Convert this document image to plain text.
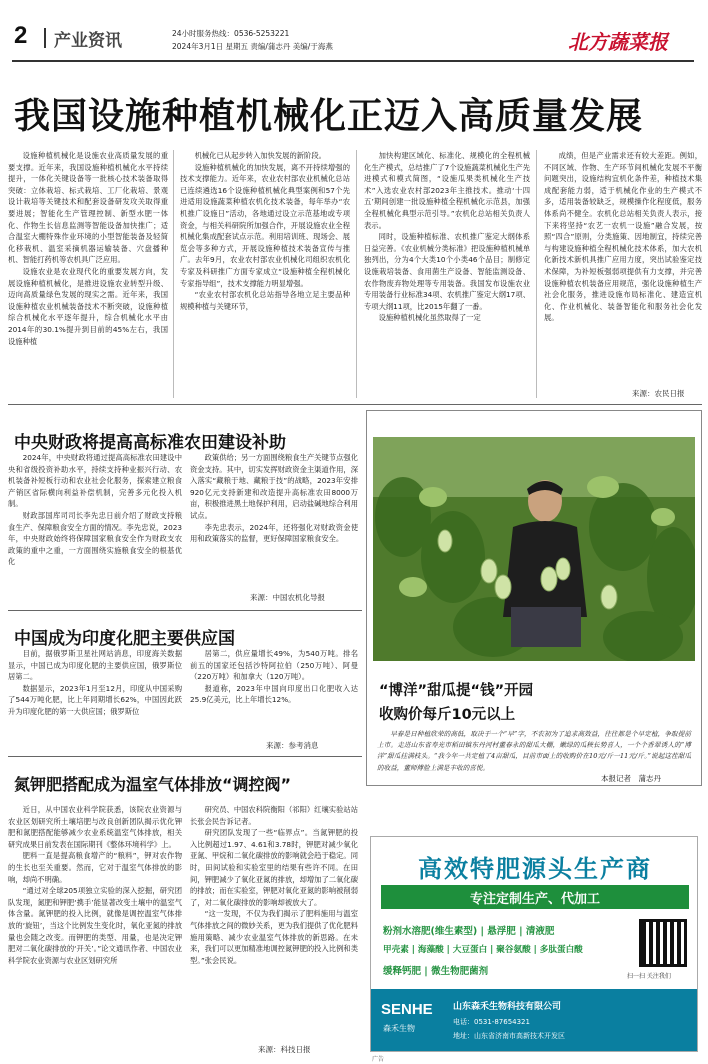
2 产业资讯	24小时服务热线：0536-5253221
2024年3月1日 星期五 责编/蒲志丹 美编/于海燕	北方蔬菜报
我国设施种植机械化正迈入高质量发展

设施种植机械化是设施农业高质量发展的重要支撑。近年来，我国设施种植机械化水平持续提升，一体化关键设备等一批核心技术装备取得突破：立体栽培、标式栽培、工厂化栽培、景观设计栽培等关键技术和配套设备研发攻关取得重要进展；智能化生产管理控制、新型水肥一体化、作物生长信息监测等智能设备加快推广；适合温室大棚特殊作业环境的小型智能装备及轻简化移栽机、温室采摘机器运输装备、穴盘播种机、智能打药机等农机具广泛应用。

设施农业是农业现代化的重要发展方向，发展设施种植机械化，是推进设施农业转型升级、迈向高质量绿色发展的现实之需。近年来，我国设施种植农业机械装备技术不断突破，设施种植综合机械化水平逐年提升，综合机械化水平由2014年的30.1%提升到目前的45%左右，我国设施种植

机械化已从起步转入加快发展的新阶段。

设施种植机械化的加快发展，离不开持续增强的技术支撑能力。近年来，农业农村部农业机械化总站已连续遴选16个设施种植机械化典型案例和57个先进适用设施蔬菜种植农机化技术装备，每年举办“农机推广设施日”活动，各地通过设立示范基地或专项资金，与相关科研院所加强合作，开展设施农业全程机械化集成配套试点示范。利用培训班、现场会、展览会等多种方式，开展设施种植技术装备宣传与推广。去年9月，农业农村部农业机械化司组织农机化专家及科研推广方面专家成立“设施种植全程机械化专家指导组”，技术支撑能力明显增强。

“农业农村部农机化总站指导各地立足主要品种规模种植与关键环节，

加快构建区域化、标准化、规模化的全程机械化生产模式，总结推广了7个设施蔬菜机械化生产先进模式和模式简图，“设施瓜果类机械化生产技术”入选农业农村部2023年主推技术。推动‘十四五’期间创建一批设施种植全程机械化示范县，加强全程机械化典型示范引导。”农机化总站相关负责人表示。

同时，设施种植标准、农机推广鉴定大纲体系日益完善。《农业机械分类标准》把设施种植机械单独列出，分为4个大类10个小类46个品目；制修定设施栽培装备、食用菌生产设备、智能监测设备、农作物废弃物处理等专用装备。我国发布设施农业专用装备行业标准34项、农机推广鉴定大纲17项、专项大纲11项，比2015年翻了一番。

设施种植机械化虽然取得了一定

成绩，但是产业需求还有较大差距。例如，不同区域、作物、生产环节间机械化发展不平衡问题突出，设施结构宜机化条件差，种植技术集成配套能力弱，适于机械化作业的生产模式不多，适用装备较缺乏，规模操作化程度低，服务体系尚不健全。农机化总站相关负责人表示，接下来将坚持“农艺一农机一设施”融合发展，按照“四合”原则，分类施策、因地制宜，持续完善与构建设施种植全程机械化技术体系，加大农机化新技术新机具推广应用力度，突出试验鉴定技术保障，为补短板强弱项提供有力支撑，并完善设施种植农机装备应用规范，强化设施种植生产社会化服务，推进设施布局标准化、建造宜机化、作业机械化、装备智能化和服务社会化发展。

来源：农民日报
中央财政将提高高标准农田建设补助

2024年，中央财政将通过提高高标准农田建设中央和省级投资补助水平，持续支持种业振兴行动、农机装备补短板行动和农业社会化服务，探索建立粮食产销区省际横向利益补偿机制，完善多元化投入机制。

财政部国库司司长李先忠日前介绍了财政支持粮食生产、保障粮食安全方面的情况。李先忠说，2023年，中央财政始终将保障国家粮食安全作为财政支农政策的重中之重，一方面围绕实施粮食安全的根基优化

政策供给；另一方面围绕粮食生产关键节点强化资金支持。其中，切实发挥财政资金主渠道作用，深入落实“藏粮于地、藏粮于技”的战略，2023年安排920亿元支持新建和改造提升高标准农田8000万亩，积极推进黑土地保护利用，启动盐碱地综合利用试点。

李先忠表示，2024年，还将强化对财政资金使用和政策落实的监督，更好保障国家粮食安全。

来源：中国农机化导报
中国成为印度化肥主要供应国

目前，据俄罗斯卫星社网站消息，印度海关数据显示，中国已成为印度化肥的主要供应国，俄罗斯位居第二。

数据显示，2023年1月至12月，印度从中国采购了544万吨化肥，比上年同期增长62%，中国因此跃升为印度化肥的第一大供应国；俄罗斯位

居第二，供应量增长49%，为540万吨。排名前五的国家还包括沙特阿拉伯（250万吨）、阿曼（220万吨）和加拿大（120万吨）。

报道称，2023年中国向印度出口化肥收入达25.9亿美元，比上年增长12%。

来源：参考消息
氮钾肥搭配成为温室气体排放“调控阀”

近日，从中国农业科学院获悉，该院农业资源与农业区划研究所土壤培肥与改良创新团队揭示优化钾肥和氮肥搭配能够减少农业系统温室气体排放，相关研究成果日前发表在国际期刊《整体环境科学》上。

肥料一直是提高粮食增产的“粮料”，钾对农作物的生长也至关重要。然而，它对于温室气体排放的影响，却尚不明确。

“通过对全球205项独立实验的深入挖掘，研究团队发现，氮肥和钾肥‘携手’能显著改变土壤中的温室气体含量。氮钾肥的投入比例，就像是调控温室气体排放的‘旋钮’，当这个比例发生变化时，氧化亚氮的排放量也会随之改变。而钾肥的类型、用量，也是决定钾肥对二氧化碳排放的‘开关’。”论文通讯作者、中国农业科学院农业资源与农业区划研究所

研究员、中国农科院衡阳（祁阳）红壤实验站站长张会民告诉记者。

研究团队发现了一些“临界点”。当氮钾肥的投入比例超过1.97、4.61和3.78时，钾肥对减少氧化亚氮、甲烷和二氧化碳排放的影响就会趋于稳定。同时，田间试验和实验室里的结果有些许不同。在田间，钾肥减少了氧化亚氮的排放，却增加了二氧化碳的排放；而在实验室，钾肥对氧化亚氮的影响被削弱了，对二氧化碳排放的影响却被放大了。

“这一发现，不仅为我们揭示了肥料施用与温室气体排放之间的微妙关系，更为我们提供了优化肥料施用策略、减少农业温室气体排放的新思路。在未来，我们可以更加精准地调控氮钾肥的投入比例和类型。”张会民说。

来源：科技日报
“博洋”甜瓜提“钱”开园
收购价每斤10元以上
早春是日种植欣荣的高低，取决于一个“早”字，不农初为了追求高效益，往往都是个早定植，争取提前上市。走进山东省寿光市稻田镇东丹河村董春永的甜瓜大棚，嫩绿的瓜秧长势喜人，一个个香翠诱人的“博洋”甜瓜挂满枝头。“我今年一共定植了4亩甜瓜，目前市面上的收购价在10元/斤一11元/斤。”说起这茬甜瓜的收益，董师傅脸上满是丰收的喜悦。
本报记者　蒲志丹
高效特肥源头生产商
专注定制生产、代加工
粉剂水溶肥(维生素型) | 悬浮肥 | 清液肥
甲壳素 | 海藻酸 | 大豆蛋白 | 聚谷氨酸 | 多肽蛋白酸
缓释钙肥 | 微生物肥菌剂	扫一扫 关注我们
SENHE
森禾生物
山东森禾生物科技有限公司
电话：0531-87654321
地址：山东省济南市高新技术开发区
广告
